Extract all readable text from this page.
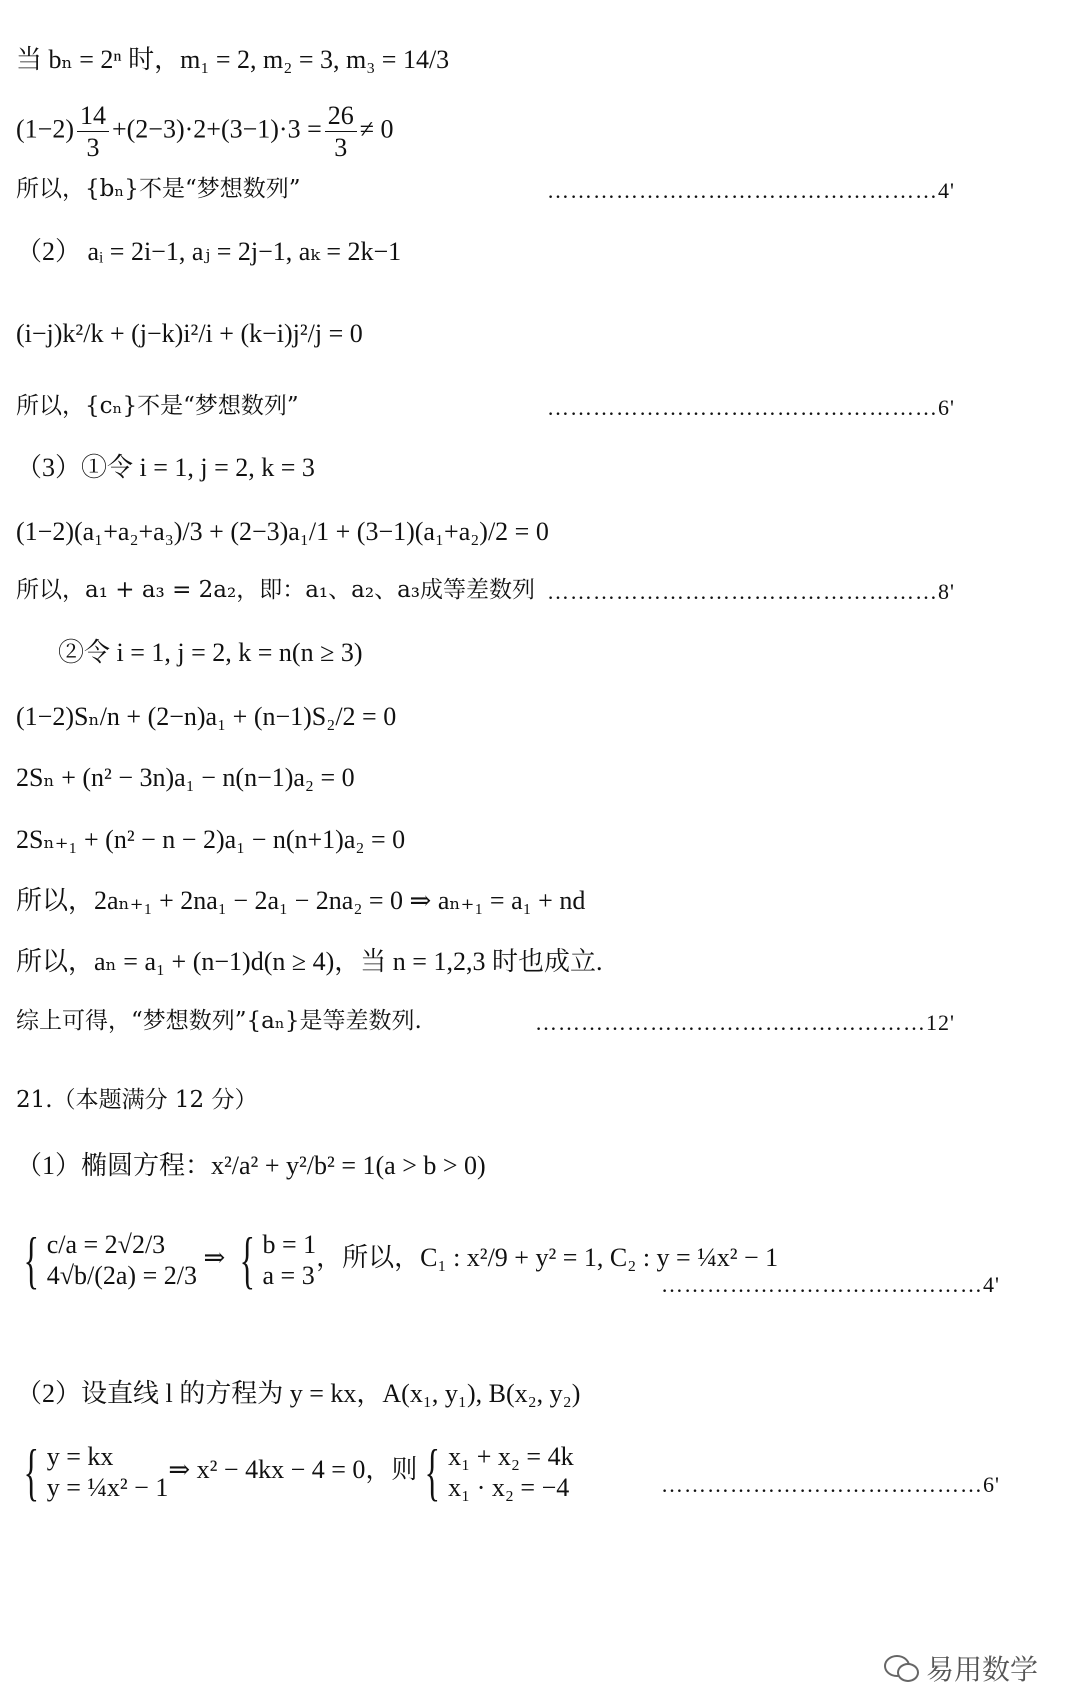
当 bₙ = 2ⁿ 时，m₁ = 2, m₂ = 3, m₃ = 14/3
$(1-2) \frac{14}{3} +(2-3)\cdot 2+(3-1)\cdot 3 = \frac{26}{3} \ne 0$
所以，{bₙ}不是“梦想数列”	……………………………………………4'
（2） aᵢ = 2i−1, aⱼ = 2j−1, aₖ = 2k−1
(i−j)k²/k + (j−k)i²/i + (k−i)j²/j = 0
所以，{cₙ}不是“梦想数列”	……………………………………………6'
（3）①令 i = 1, j = 2, k = 3
(1−2)(a₁+a₂+a₃)/3 + (2−3)a₁/1 + (3−1)(a₁+a₂)/2 = 0
所以，a₁ + a₃ = 2a₂，即：a₁、a₂、a₃成等差数列 ……………………………………………8'
②令 i = 1, j = 2, k = n(n ≥ 3)
(1−2)Sₙ/n + (2−n)a₁ + (n−1)S₂/2 = 0
2Sₙ + (n² − 3n)a₁ − n(n−1)a₂ = 0
2Sₙ₊₁ + (n² − n − 2)a₁ − n(n+1)a₂ = 0
所以，2aₙ₊₁ + 2na₁ − 2a₁ − 2na₂ = 0 ⇒ aₙ₊₁ = a₁ + nd
所以，aₙ = a₁ + (n−1)d(n ≥ 4)，当 n = 1,2,3 时也成立.
综上可得，“梦想数列”{aₙ}是等差数列.	……………………………………………12'
21.（本题满分 12 分）
（1）椭圆方程：x²/a² + y²/b² = 1(a > b > 0)
{ c/a = 2√2/3
4√b/(2a) = 2/3
⇒ { b = 1
a = 3
，所以，C₁ : x²/9 + y² = 1, C₂ : y = ¼x² − 1
……………………………………4'
（2）设直线 l 的方程为 y = kx，A(x₁, y₁), B(x₂, y₂)
{ y = kx
y = ¼x² − 1
⇒ x² − 4kx − 4 = 0，则 { x₁ + x₂ = 4k
x₁ · x₂ = −4	……………………………………6'
易用数学
